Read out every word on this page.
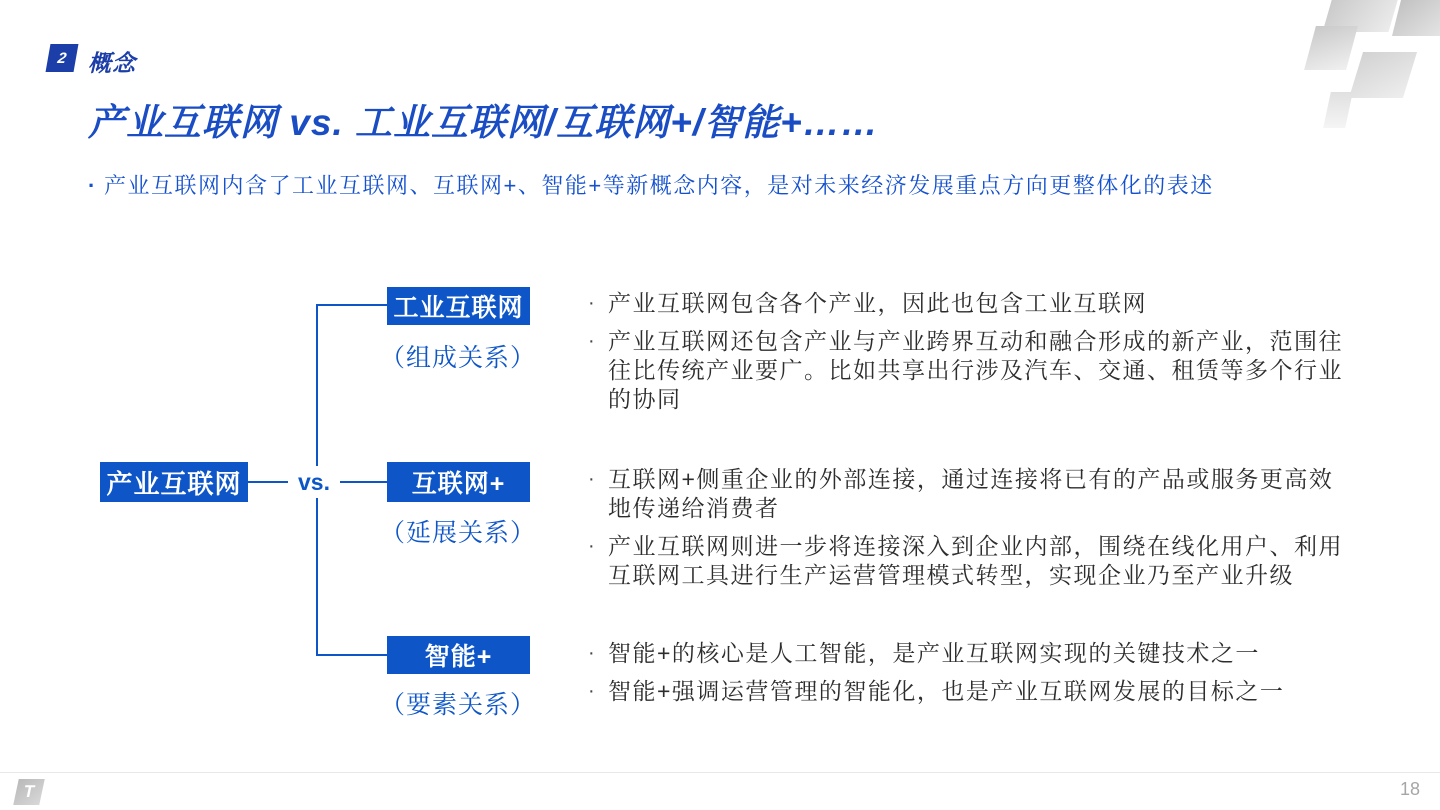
2 概念
产业互联网 vs. 工业互联网/互联网+/智能+……
· 产业互联网内含了工业互联网、互联网+、智能+等新概念内容，是对未来经济发展重点方向更整体化的表述
产业互联网	vs.
工业互联网
（组成关系）
· 产业互联网包含各个产业，因此也包含工业互联网
· 产业互联网还包含产业与产业跨界互动和融合形成的新产业，范围往往比传统产业要广。比如共享出行涉及汽车、交通、租赁等多个行业的协同
互联网+
（延展关系）
· 互联网+侧重企业的外部连接，通过连接将已有的产品或服务更高效地传递给消费者
· 产业互联网则进一步将连接深入到企业内部，围绕在线化用户、利用互联网工具进行生产运营管理模式转型，实现企业乃至产业升级
智能+
（要素关系）
· 智能+的核心是人工智能，是产业互联网实现的关键技术之一
· 智能+强调运营管理的智能化，也是产业互联网发展的目标之一
T	18
